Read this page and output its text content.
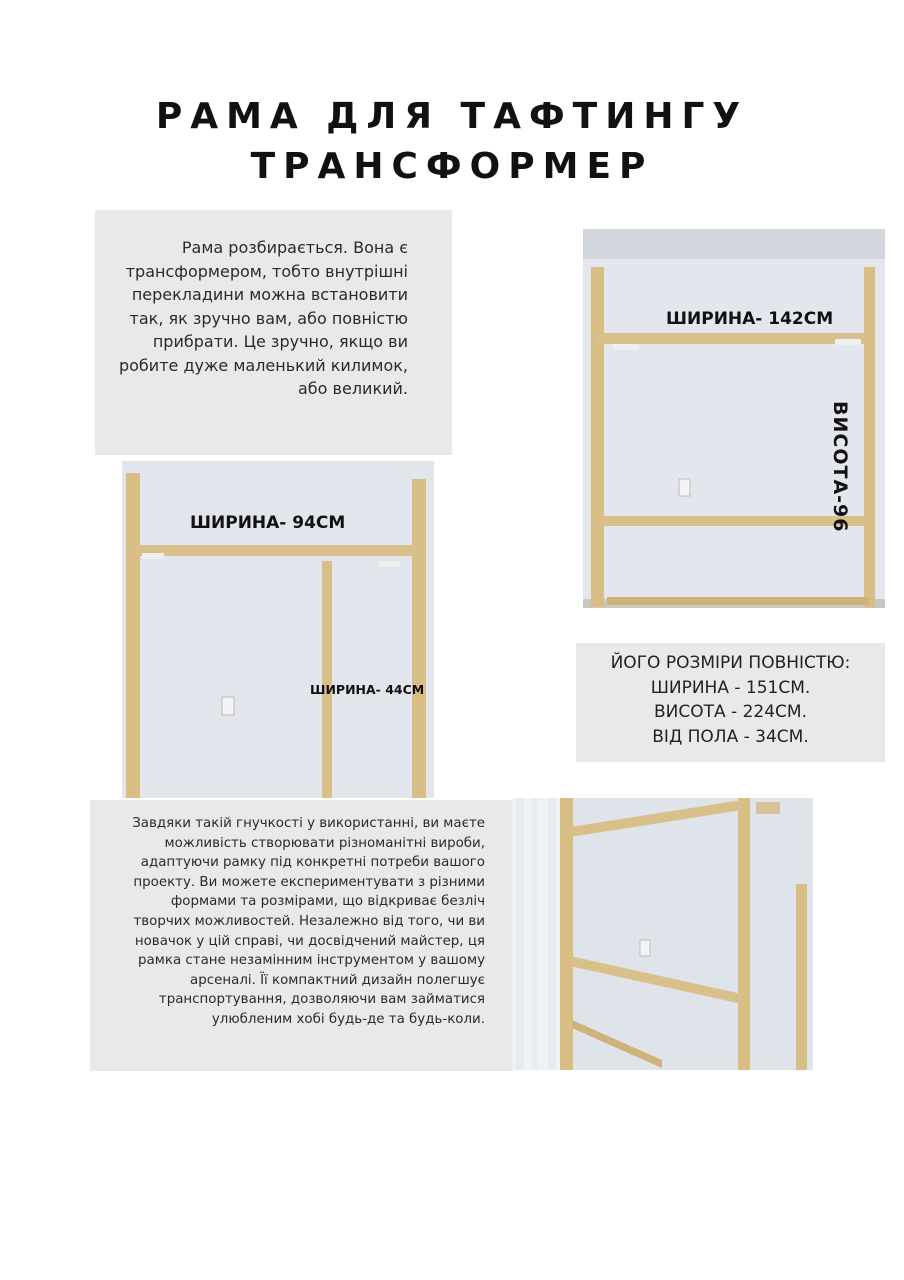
РАМА ДЛЯ ТАФТИНГУ
ТРАНСФОРМЕР

Рама розбирається. Вона є трансформером, тобто внутрішні перекладини можна встановити так, як зручно вам, або повністю прибрати. Це зручно, якщо ви робите дуже маленький килимок, або великий.

ШИРИНА- 142СМ
ВИСОТА-96
ШИРИНА- 94СМ
ШИРИНА- 44СМ
ЙОГО РОЗМІРИ ПОВНІСТЮ:
ШИРИНА - 151СМ.
ВИСОТА - 224СМ.
ВІД ПОЛА - 34СМ.

Завдяки такій гнучкості у використанні, ви маєте можливість створювати різноманітні вироби, адаптуючи рамку під конкретні потреби вашого проекту. Ви можете експериментувати з різними формами та розмірами, що відкриває безліч творчих можливостей. Незалежно від того, чи ви новачок у цій справі, чи досвідчений майстер, ця рамка стане незамінним інструментом у вашому арсеналі. Її компактний дизайн полегшує транспортування, дозволяючи вам займатися улюбленим хобі будь-де та будь-коли.
